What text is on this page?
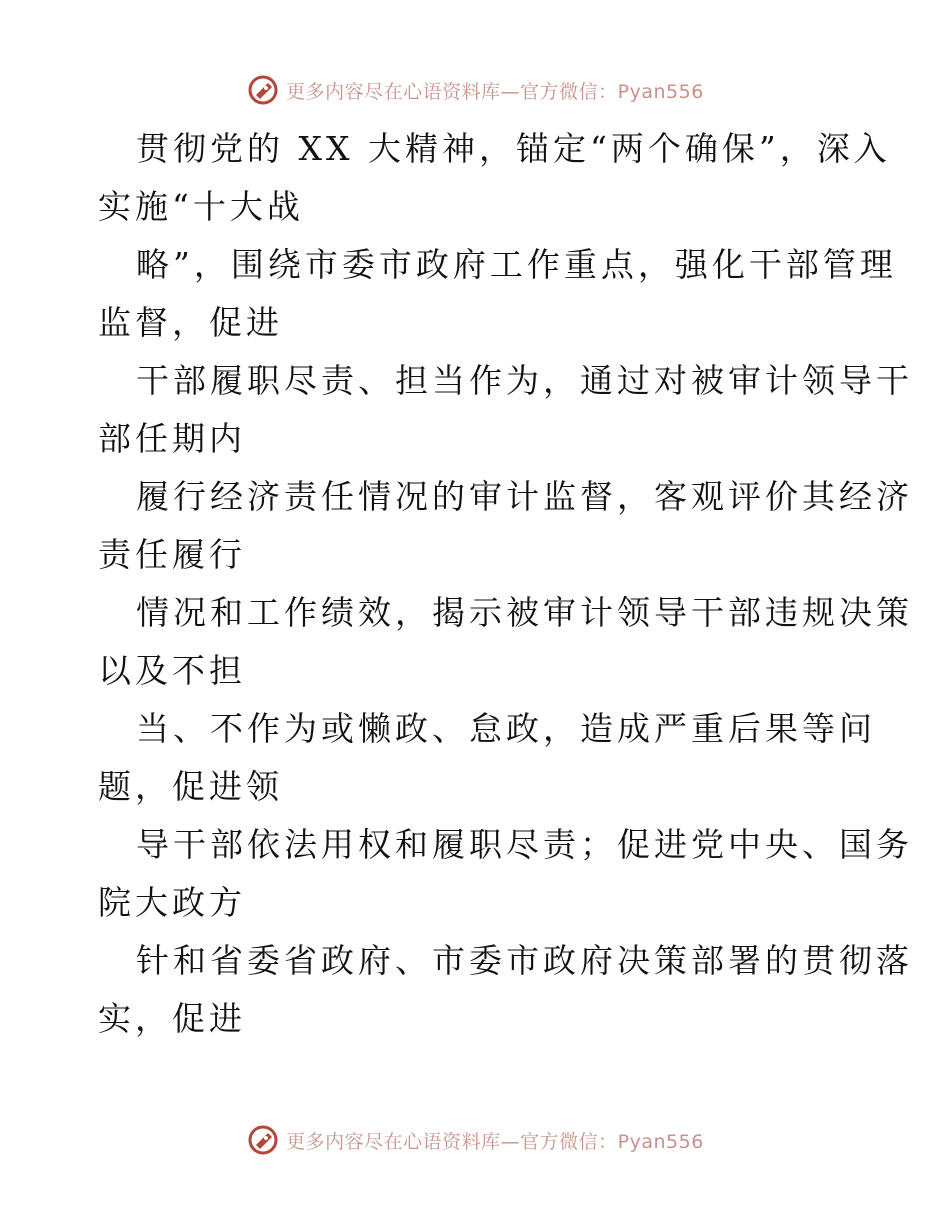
更多内容尽在心语资料库—官方微信：Pyan556
贯彻党的 XX 大精神，锚定“两个确保”，深入
实施“十大战
略”，围绕市委市政府工作重点，强化干部管理
监督，促进
干部履职尽责、担当作为，通过对被审计领导干
部任期内
履行经济责任情况的审计监督，客观评价其经济
责任履行
情况和工作绩效，揭示被审计领导干部违规决策
以及不担
当、不作为或懒政、怠政，造成严重后果等问
题，促进领
导干部依法用权和履职尽责；促进党中央、国务
院大政方
针和省委省政府、市委市政府决策部署的贯彻落
实，促进
更多内容尽在心语资料库—官方微信：Pyan556
